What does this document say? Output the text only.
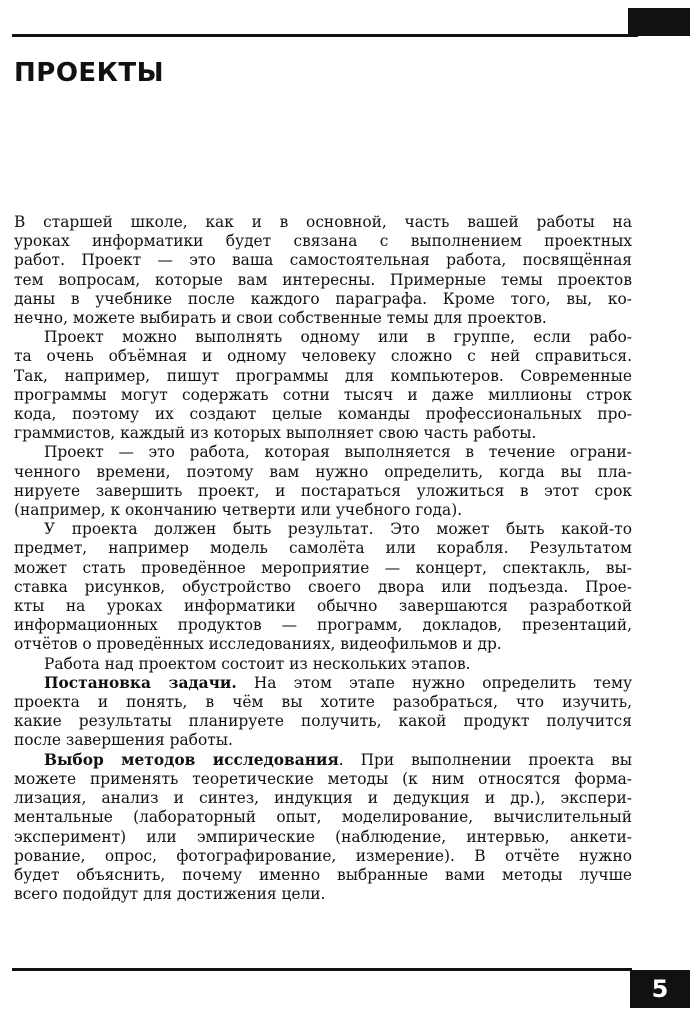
ПРОЕКТЫ
В старшей школе, как и в основной, часть вашей работы на
уроках информатики будет связана с выполнением проектных
работ. Проект — это ваша самостоятельная работа, посвящённая
тем вопросам, которые вам интересны. Примерные темы проектов
даны в учебнике после каждого параграфа. Кроме того, вы, ко-
нечно, можете выбирать и свои собственные темы для проектов.
Проект можно выполнять одному или в группе, если рабо-
та очень объёмная и одному человеку сложно с ней справиться.
Так, например, пишут программы для компьютеров. Современные
программы могут содержать сотни тысяч и даже миллионы строк
кода, поэтому их создают целые команды профессиональных про-
граммистов, каждый из которых выполняет свою часть работы.
Проект — это работа, которая выполняется в течение ограни-
ченного времени, поэтому вам нужно определить, когда вы пла-
нируете завершить проект, и постараться уложиться в этот срок
(например, к окончанию четверти или учебного года).
У проекта должен быть результат. Это может быть какой-то
предмет, например модель самолёта или корабля. Результатом
может стать проведённое мероприятие — концерт, спектакль, вы-
ставка рисунков, обустройство своего двора или подъезда. Прое-
кты на уроках информатики обычно завершаются разработкой
информационных продуктов — программ, докладов, презентаций,
отчётов о проведённых исследованиях, видеофильмов и др.
Работа над проектом состоит из нескольких этапов.
Постановка задачи. На этом этапе нужно определить тему
проекта и понять, в чём вы хотите разобраться, что изучить,
какие результаты планируете получить, какой продукт получится
после завершения работы.
Выбор методов исследования. При выполнении проекта вы
можете применять теоретические методы (к ним относятся форма-
лизация, анализ и синтез, индукция и дедукция и др.), экспери-
ментальные (лабораторный опыт, моделирование, вычислительный
эксперимент) или эмпирические (наблюдение, интервью, анкети-
рование, опрос, фотографирование, измерение). В отчёте нужно
будет объяснить, почему именно выбранные вами методы лучше
всего подойдут для достижения цели.
5
